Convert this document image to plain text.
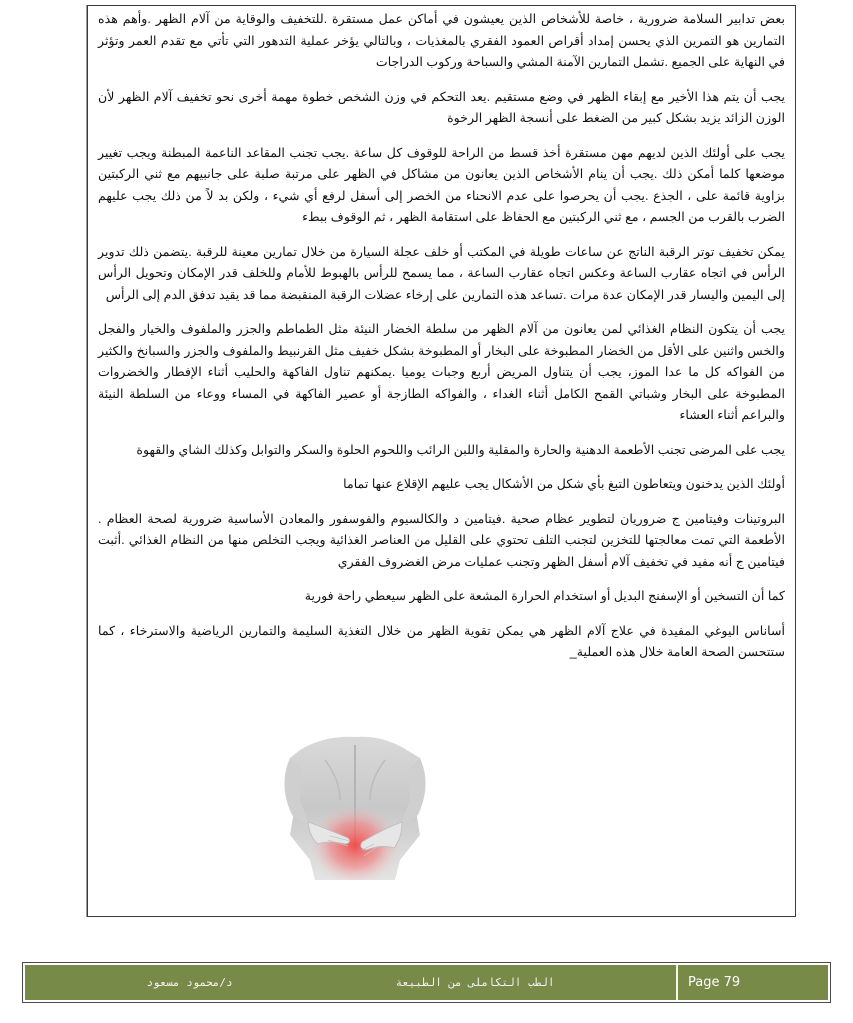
بعض تدابير السلامة ضرورية ، خاصة للأشخاص الذين يعيشون في أماكن عمل مستقرة .للتخفيف والوقاية من آلام الظهر .وأهم هذه التمارين هو التمرين الذي يحسن إمداد أقراص العمود الفقري بالمغذيات ، وبالتالي يؤخر عملية التدهور التي تأتي مع تقدم العمر وتؤثر في النهاية على الجميع .تشمل التمارين الآمنة المشي والسباحة وركوب الدراجات

يجب أن يتم هذا الأخير مع إبقاء الظهر في وضع مستقيم .يعد التحكم في وزن الشخص خطوة مهمة أخرى نحو تخفيف آلام الظهر لأن الوزن الزائد يزيد بشكل كبير من الضغط على أنسجة الظهر الرخوة

يجب على أولئك الذين لديهم مهن مستقرة أخذ قسط من الراحة للوقوف كل ساعة .يجب تجنب المقاعد الناعمة المبطنة ويجب تغيير موضعها كلما أمكن ذلك .يجب أن ينام الأشخاص الذين يعانون من مشاكل في الظهر على مرتبة صلبة على جانبيهم مع ثني الركبتين بزاوية قائمة على ، الجذع .يجب أن يحرصوا على عدم الانحناء من الخصر إلى أسفل لرفع أي شيء ، ولكن بد لاً من ذلك يجب عليهم الضرب بالقرب من الجسم ، مع ثني الركبتين مع الحفاظ على استقامة الظهر ، ثم الوقوف ببطء

يمكن تخفيف توتر الرقبة الناتج عن ساعات طويلة في المكتب أو خلف عجلة السيارة من خلال تمارين معينة للرقبة .يتضمن ذلك تدوير الرأس في اتجاه عقارب الساعة وعكس اتجاه عقارب الساعة ، مما يسمح للرأس بالهبوط للأمام وللخلف قدر الإمكان وتحويل الرأس إلى اليمين واليسار قدر الإمكان عدة مرات .تساعد هذه التمارين على إرخاء عضلات الرقبة المنقبضة مما قد يقيد تدفق الدم إلى الرأس

يجب أن يتكون النظام الغذائي لمن يعانون من آلام الظهر من سلطة الخضار النيئة مثل الطماطم والجزر والملفوف والخيار والفجل والخس واثنين على الأقل من الخضار المطبوخة على البخار أو المطبوخة بشكل خفيف مثل القرنبيط والملفوف والجزر والسبانخ والكثير من الفواكه كل ما عدا الموز، يجب أن يتناول المريض أربع وجبات يوميا .يمكنهم تناول الفاكهة والحليب أثناء الإفطار والخضروات المطبوخة على البخار وشباتي القمح الكامل أثناء الغداء ، والفواكه الطازجة أو عصير الفاكهة في المساء ووعاء من السلطة النيئة والبراعم أثناء العشاء

يجب على المرضى تجنب الأطعمة الدهنية والحارة والمقلية واللبن الرائب واللحوم الحلوة والسكر والتوابل وكذلك الشاي والقهوة

أولئك الذين يدخنون ويتعاطون التبغ بأي شكل من الأشكال يجب عليهم الإقلاع عنها تماما

البروتينات وفيتامين ج ضروريان لتطوير عظام صحية .فيتامين د والكالسيوم والفوسفور والمعادن الأساسية ضرورية لصحة العظام . الأطعمة التي تمت معالجتها للتخزين لتجنب التلف تحتوي على القليل من العناصر الغذائية ويجب التخلص منها من النظام الغذائي .أثبت فيتامين ج أنه مفيد في تخفيف آلام أسفل الظهر وتجنب عمليات مرض الغضروف الفقري

كما أن التسخين أو الإسفنج البديل أو استخدام الحرارة المشعة على الظهر سيعطي راحة فورية

أساناس اليوغي المفيدة في علاج آلام الظهر هي يمكن تقوية الظهر من خلال التغذية السليمة والتمارين الرياضية والاسترخاء ، كما ستتحسن الصحة العامة خلال هذه العملية_

الطب التكاملى من الطبيعة
د/محمود مسعود	Page 79
